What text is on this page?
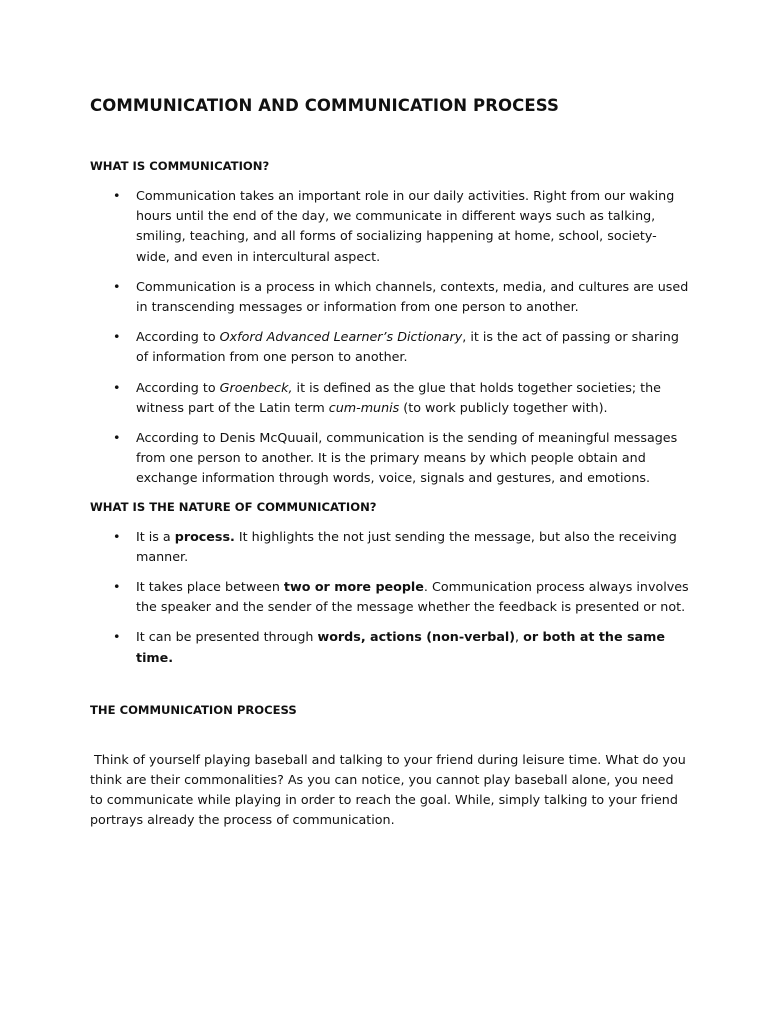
COMMUNICATION AND COMMUNICATION PROCESS
WHAT IS COMMUNICATION?
• Communication takes an important role in our daily activities. Right from our waking hours until the end of the day, we communicate in different ways such as talking, smiling, teaching, and all forms of socializing happening at home, school, society-wide, and even in intercultural aspect.
• Communication is a process in which channels, contexts, media, and cultures are used in transcending messages or information from one person to another.
• According to Oxford Advanced Learner’s Dictionary, it is the act of passing or sharing of information from one person to another.
• According to Groenbeck, it is defined as the glue that holds together societies; the witness part of the Latin term cum-munis (to work publicly together with).
• According to Denis McQuuail, communication is the sending of meaningful messages from one person to another. It is the primary means by which people obtain and exchange information through words, voice, signals and gestures, and emotions.
WHAT IS THE NATURE OF COMMUNICATION?
• It is a process. It highlights the not just sending the message, but also the receiving manner.
• It takes place between two or more people. Communication process always involves the speaker and the sender of the message whether the feedback is presented or not.
• It can be presented through words, actions (non-verbal), or both at the same time.
THE COMMUNICATION PROCESS

Think of yourself playing baseball and talking to your friend during leisure time. What do you think are their commonalities? As you can notice, you cannot play baseball alone, you need to communicate while playing in order to reach the goal. While, simply talking to your friend portrays already the process of communication.
